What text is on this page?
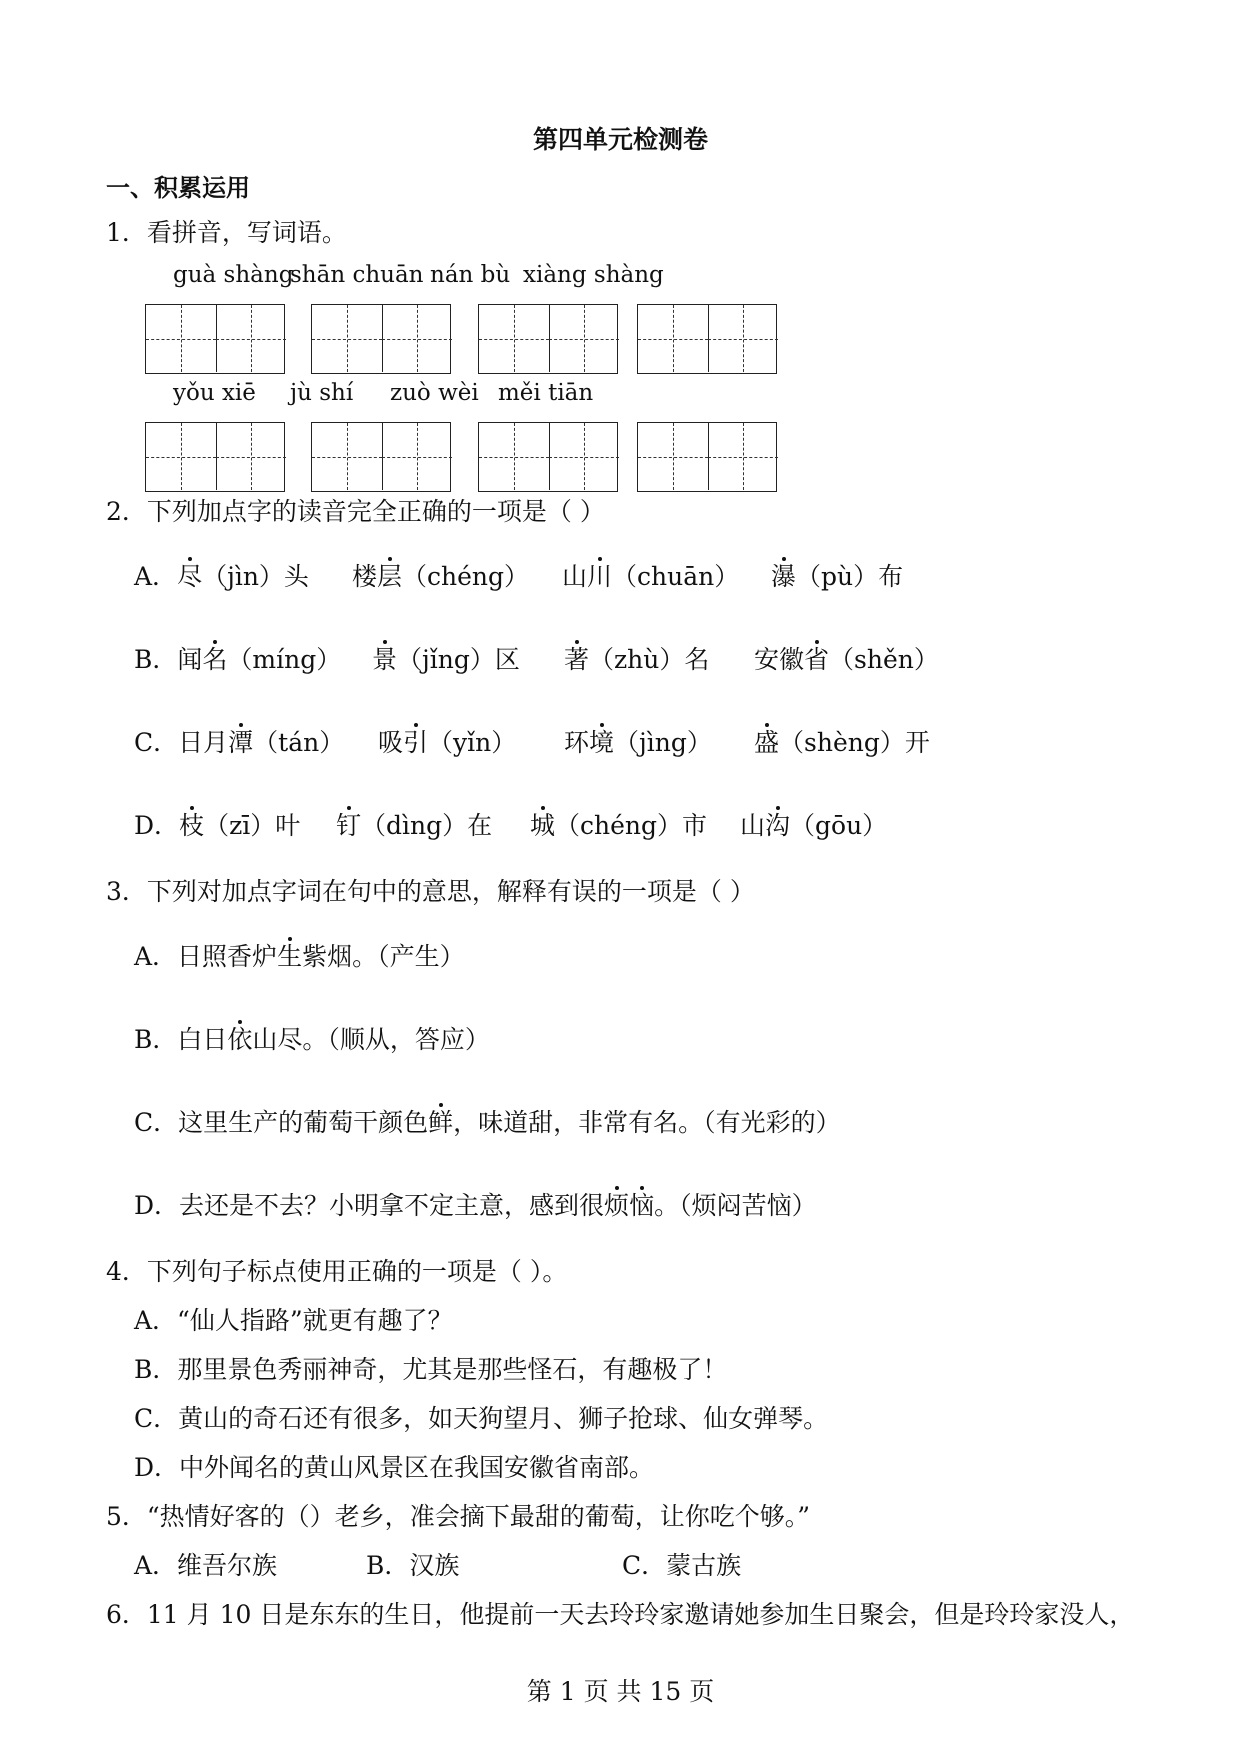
第四单元检测卷
一、积累运用
1．看拼音，写词语。
guà shàng
shān chuān nán bù xiàng shàng
yǒu xiē jù shí zuò wèi měi tiān
2．下列加点字的读音完全正确的一项是（ ）
A．尽（jìn）头 楼层（chéng） 山川（chuān） 瀑（pù）布
B．闻名（míng） 景（jǐng）区 著（zhù）名 安徽省（shěn）
C．日月潭（tán） 吸引（yǐn） 环境（jìng） 盛（shèng）开
D．枝（zī）叶 钉（dìng）在 城（chéng）市 山沟（gōu）
3．下列对加点字词在句中的意思，解释有误的一项是（ ）
A．日照香炉生紫烟。（产生）
B．白日依山尽。（顺从，答应）
C．这里生产的葡萄干颜色鲜，味道甜，非常有名。（有光彩的）
D．去还是不去？小明拿不定主意，感到很烦恼。（烦闷苦恼）
4．下列句子标点使用正确的一项是（ ）。
A．“仙人指路”就更有趣了？
B．那里景色秀丽神奇，尤其是那些怪石，有趣极了！
C．黄山的奇石还有很多，如天狗望月、狮子抢球、仙女弹琴。
D．中外闻名的黄山风景区在我国安徽省南部。
5．“热情好客的（）老乡，准会摘下最甜的葡萄，让你吃个够。”
A．维吾尔族	B．汉族	C．蒙古族
6．11 月 10 日是东东的生日，他提前一天去玲玲家邀请她参加生日聚会，但是玲玲家没人，
第 1 页 共 15 页
